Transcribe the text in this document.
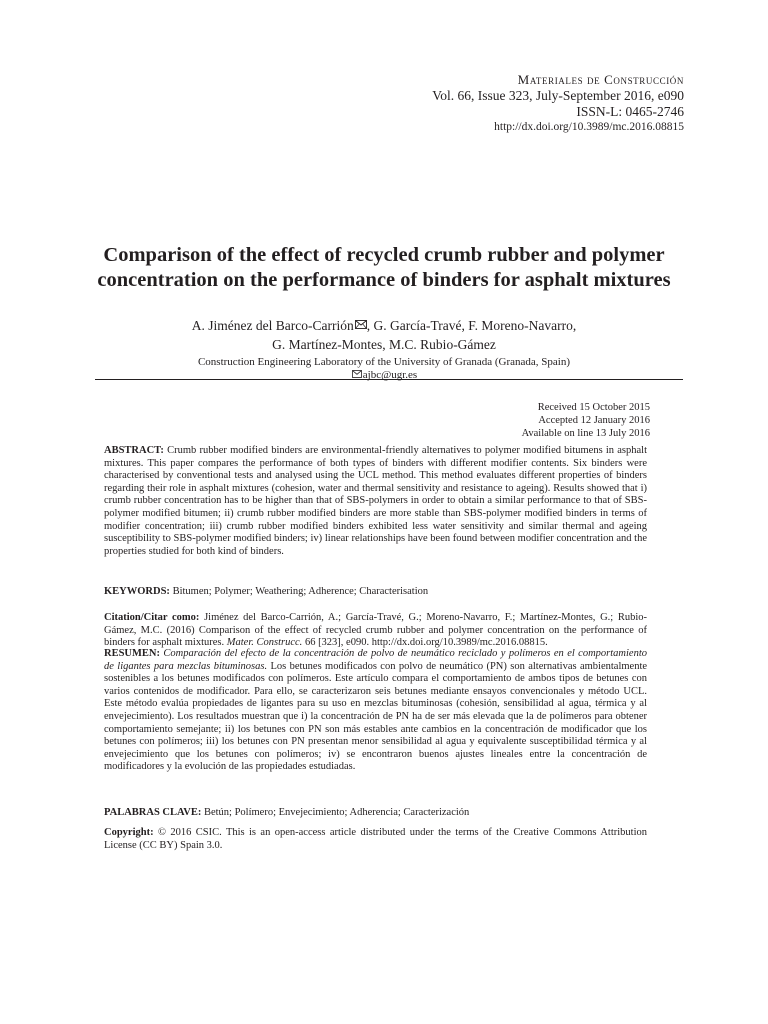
Materiales de Construcción
Vol. 66, Issue 323, July-September 2016, e090
ISSN-L: 0465-2746
http://dx.doi.org/10.3989/mc.2016.08815
Comparison of the effect of recycled crumb rubber and polymer
concentration on the performance of binders for asphalt mixtures
A. Jiménez del Barco-Carrión , G. García-Travé, F. Moreno-Navarro,
G. Martínez-Montes, M.C. Rubio-Gámez
Construction Engineering Laboratory of the University of Granada (Granada, Spain)
ajbc@ugr.es
Received 15 October 2015
Accepted 12 January 2016
Available on line 13 July 2016
ABSTRACT: Crumb rubber modified binders are environmental-friendly alternatives to polymer modified bitumens in asphalt mixtures. This paper compares the performance of both types of binders with different modifier contents. Six binders were characterised by conventional tests and analysed using the UCL method. This method evaluates different properties of binders regarding their role in asphalt mixtures (cohesion, water and thermal sensitivity and resistance to ageing). Results showed that i) crumb rubber concentration has to be higher than that of SBS-polymers in order to obtain a similar performance to that of SBS-polymer modified bitumen; ii) crumb rubber modified binders are more stable than SBS-polymer modified binders in terms of modifier concentration; iii) crumb rubber modified binders exhibited less water sensitivity and similar thermal and ageing susceptibility to SBS-polymer modified binders; iv) linear relationships have been found between modifier concentration and the properties studied for both kind of binders.
KEYWORDS: Bitumen; Polymer; Weathering; Adherence; Characterisation
Citation/Citar como: Jiménez del Barco-Carrión, A.; García-Travé, G.; Moreno-Navarro, F.; Martínez-Montes, G.; Rubio-Gámez, M.C. (2016) Comparison of the effect of recycled crumb rubber and polymer concentration on the performance of binders for asphalt mixtures. Mater. Construcc. 66 [323], e090. http://dx.doi.org/10.3989/mc.2016.08815.
RESUMEN: Comparación del efecto de la concentración de polvo de neumático reciclado y polímeros en el comportamiento de ligantes para mezclas bituminosas. Los betunes modificados con polvo de neumático (PN) son alternativas ambientalmente sostenibles a los betunes modificados con polímeros. Este artículo compara el comportamiento de ambos tipos de betunes con varios contenidos de modificador. Para ello, se caracterizaron seis betunes mediante ensayos convencionales y método UCL. Este método evalúa propiedades de ligantes para su uso en mezclas bituminosas (cohesión, sensibilidad al agua, térmica y al envejecimiento). Los resultados muestran que i) la concentración de PN ha de ser más elevada que la de polímeros para obtener comportamiento semejante; ii) los betunes con PN son más estables ante cambios en la concentración de modificador que los betunes con polímeros; iii) los betunes con PN presentan menor sensibilidad al agua y equivalente susceptibilidad térmica y al envejecimiento que los betunes con polímeros; iv) se encontraron buenos ajustes lineales entre la concentración de modificadores y la evolución de las propiedades estudiadas.
PALABRAS CLAVE: Betún; Polímero; Envejecimiento; Adherencia; Caracterización
Copyright: © 2016 CSIC. This is an open-access article distributed under the terms of the Creative Commons Attribution License (CC BY) Spain 3.0.
